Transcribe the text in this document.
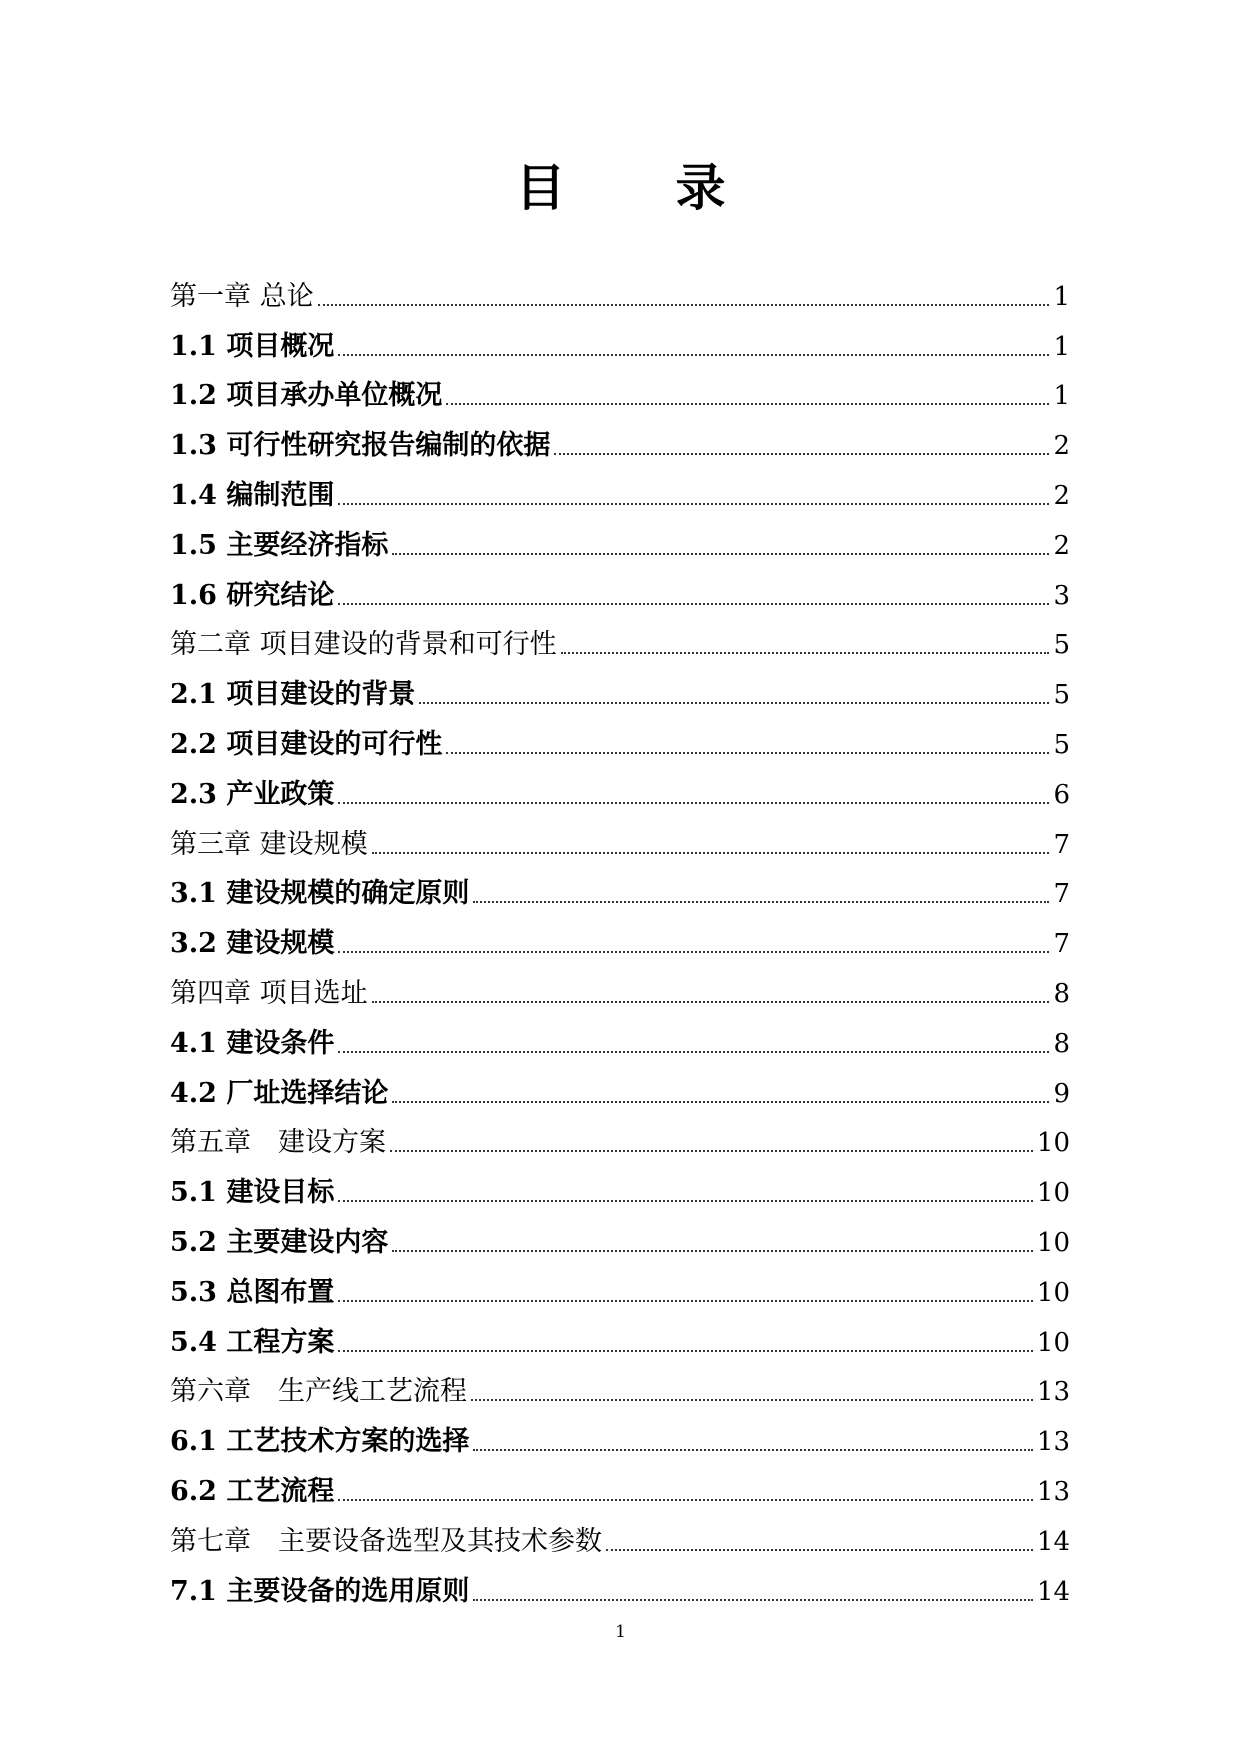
目　录
第一章 总论	1
1.1 项目概况	1
1.2 项目承办单位概况	1
1.3 可行性研究报告编制的依据	2
1.4 编制范围	2
1.5 主要经济指标	2
1.6 研究结论	3
第二章 项目建设的背景和可行性	5
2.1 项目建设的背景	5
2.2 项目建设的可行性	5
2.3 产业政策	6
第三章 建设规模	7
3.1 建设规模的确定原则	7
3.2 建设规模	7
第四章 项目选址	8
4.1 建设条件	8
4.2 厂址选择结论	9
第五章　建设方案	10
5.1 建设目标	10
5.2 主要建设内容	10
5.3 总图布置	10
5.4 工程方案	10
第六章　生产线工艺流程	13
6.1 工艺技术方案的选择	13
6.2 工艺流程	13
第七章　主要设备选型及其技术参数	14
7.1 主要设备的选用原则	14
1
